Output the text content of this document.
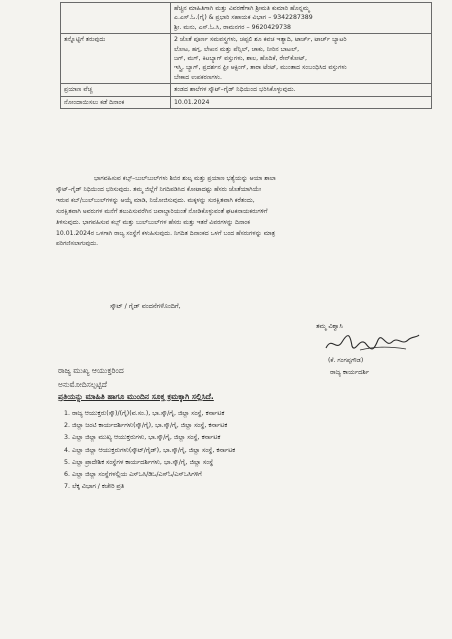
	ಹೆಚ್ಚಿನ ಮಾಹಿತಿಗಾಗಿ ಮತ್ತು ವಿವರಣೆಗಾಗಿ ಶ್ರೀಮತಿ ಕುಮಾರಿ ಹೊನ್ನಮ್ಮ
ಎ.ಎಸ್.ಓ.(ಗೈ) & ಪ್ರಭಾರಿ ಸಹಾಯಕ ವಿಭಾಗ – 9342287389
ಶ್ರೀ. ಮನು, ಎಸ್.ಓ.ಸಿ, ರಾಮನಗರ – 9620429738

ತನ್ನೊಟ್ಟಿಗೆ ತರುವುದು	2 ಜೊತೆ ಪೂರ್ಣ ಸಮವಸ್ತ್ರಗಳು, ಚಪ್ಪಲಿ ಶೂ ಕವಚ ಇತ್ಯಾದಿ, ಟಾರ್ಚ್, ಟಾರ್ಚ್ ಬ್ಯಾಟರಿ
ಲೋಟ, ಹಗ್ಗ, ಲೇಖನ ಮತ್ತು ಪೆನ್ಸಿಲ್, ಚಾಕು, ನೀರಿನ ಬಾಟಲ್,
ಜಗ್, ಮಗ್, ಕಿಟಬ್ಯಾಗ್ ವಸ್ತುಗಳು, ಶಾಲ, ಹೊದಿಕೆ, ರೇನ್‌ಕೋಟ್,
ಇಸ್ತ್ರಿ, ಬ್ಯಾಗ್, ಪ್ರದರ್ಶನ ಫ್ರೀ ಆಕ್ಟಿಂಗ್, ತಾರಾ ಟೆಂಟ್, ಮುಂತಾದ ಸಂಬಂಧಿಸಿದ ವಸ್ತುಗಳು
ಬೇಕಾದ ಉಪಕರಣಗಳು.

ಪ್ರಯಾಣ ವೆಚ್ಚ	ತಂಡದ ಶಾಲೆಗಳ ಸ್ಕೌಟ್–ಗೈಡ್ ನಿಧಿಯಿಂದ ಭರಿಸಿಕೊಳ್ಳುವುದು.

ನೋಂದಾಯಿಸಲು ಕಡೆ ದಿನಾಂಕ	10.01.2024
ಭಾಗವಹಿಸುವ ಕಬ್ಸ್–ಬುಲ್‌ಬುಲ್‌ಗಳು ಶಿಬಿರ ಶುಲ್ಕ ಮತ್ತು ಪ್ರಯಾಣ ಭತ್ಯೆಯನ್ನು ಆಯಾ ಶಾಲಾ
ಸ್ಕೌಟ್–ಗೈಡ್ ನಿಧಿಯಿಂದ ಭರಿಸುವುದು. ತಮ್ಮ ಜಿಲ್ಲೆಗೆ ನಿಗದಿಪಡಿಸಿದ ಕೋಟಾದಷ್ಟು ಹೆಸರು ಜೊತೆಯಾಗಿಯೇ
ಇರುವ ಕಬ್/ಬುಲ್‌ಬುಲ್‌ಗಳನ್ನು ಆಯ್ಕೆ ಮಾಡಿ, ನಿಯೋಜಿಸುವುದು. ಮಕ್ಕಳನ್ನು ಸುರಕ್ಷಿತವಾಗಿ ಕರೆತಂದು,
ಸುರಕ್ಷಿತವಾಗಿ ಅವರುಗಳ ಮನೆಗೆ ತಲುಪಿಸುವರೆಗಿನ ಜವಾಬ್ದಾರಿಯಂತೆ ನೋಡಿಕೊಳ್ಳುವಂತೆ ಘಟಕನಾಯಕರುಗಳಿಗೆ
ತಿಳಿಸುವುದು. ಭಾಗವಹಿಸುವ ಕಬ್ಸ್ ಮತ್ತು ಬುಲ್‌ಬುಲ್‌ಗಳ ಹೆಸರು ಮತ್ತು ಇತರೆ ವಿವರಗಳನ್ನು ದಿನಾಂಕ
10.01.2024ರ ಒಳಗಾಗಿ ರಾಜ್ಯ ಸಂಸ್ಥೆಗೆ ಕಳುಹಿಸುವುದು. ನಿಗದಿತ ದಿನಾಂಕದ ಒಳಗೆ ಬಂದ ಹೆಸರುಗಳನ್ನು ಮಾತ್ರ
ಪರಿಗಣಿಸಲಾಗುವುದು.
ಸ್ಕೌಟ್ / ಗೈಡ್ ವಂದನೆಗಳೊಂದಿಗೆ,
ತಮ್ಮ ವಿಶ್ವಾಸಿ
(ಕೆ. ಗಂಗಪ್ಪಗೌಡ)
ರಾಜ್ಯ ಕಾರ್ಯದರ್ಶಿ
ರಾಜ್ಯ ಮುಖ್ಯ ಆಯುಕ್ತರಿಂದ
ಅನುಮೋದಿಸಲ್ಪಟ್ಟಿದೆ
ಪ್ರತಿಯನ್ನು ಮಾಹಿತಿ ಹಾಗೂ ಮುಂದಿನ ಸೂಕ್ತ ಕ್ರಮಕ್ಕಾಗಿ ಸಲ್ಲಿಸಿದೆ.
1. ರಾಜ್ಯ ಆಯುಕ್ತರು(ಸ್ಕೌ)/(ಗೈ)(ವ.ಸಂ.), ಭಾ.ಸ್ಕೌ/ಗೈ, ಜಿಲ್ಲಾ ಸಂಸ್ಥೆ, ಕರ್ನಾಟಕ
2. ಜಿಲ್ಲಾ ಜಂಟಿ ಕಾರ್ಯದರ್ಶಿಗಳು(ಸ್ಕೌ/ಗೈ), ಭಾ.ಸ್ಕೌ/ಗೈ, ಜಿಲ್ಲಾ ಸಂಸ್ಥೆ, ಕರ್ನಾಟಕ
3. ಎಲ್ಲಾ ಜಿಲ್ಲಾ ಮುಖ್ಯ ಆಯುಕ್ತರುಗಳು, ಭಾ.ಸ್ಕೌ/ಗೈ, ಜಿಲ್ಲಾ ಸಂಸ್ಥೆ, ಕರ್ನಾಟಕ
4. ಎಲ್ಲಾ ಜಿಲ್ಲಾ ಆಯುಕ್ತರುಗಳು(ಸ್ಕೌಟ್/ಗೈಡ್), ಭಾ.ಸ್ಕೌ/ಗೈ, ಜಿಲ್ಲಾ ಸಂಸ್ಥೆ, ಕರ್ನಾಟಕ
5. ಎಲ್ಲಾ ಪ್ರಾದೇಶಿಕ ಸಂಸ್ಥೆಗಳ ಕಾರ್ಯದರ್ಶಿಗಳು, ಭಾ.ಸ್ಕೌ/ಗೈ, ಜಿಲ್ಲಾ ಸಂಸ್ಥೆ
6. ಎಲ್ಲಾ ಜಿಲ್ಲಾ ಸಂಸ್ಥೆಗಳಲ್ಲಿಯ ಎಸ್‌ಒಸಿ/ಡಿಒ/ಎಸ್‌ಓ/ಎಸ್‌ಒಸಿಗಳಿಗೆ
7. ಲೆಕ್ಕ ವಿಭಾಗ / ಕಚೇರಿ ಪ್ರತಿ
